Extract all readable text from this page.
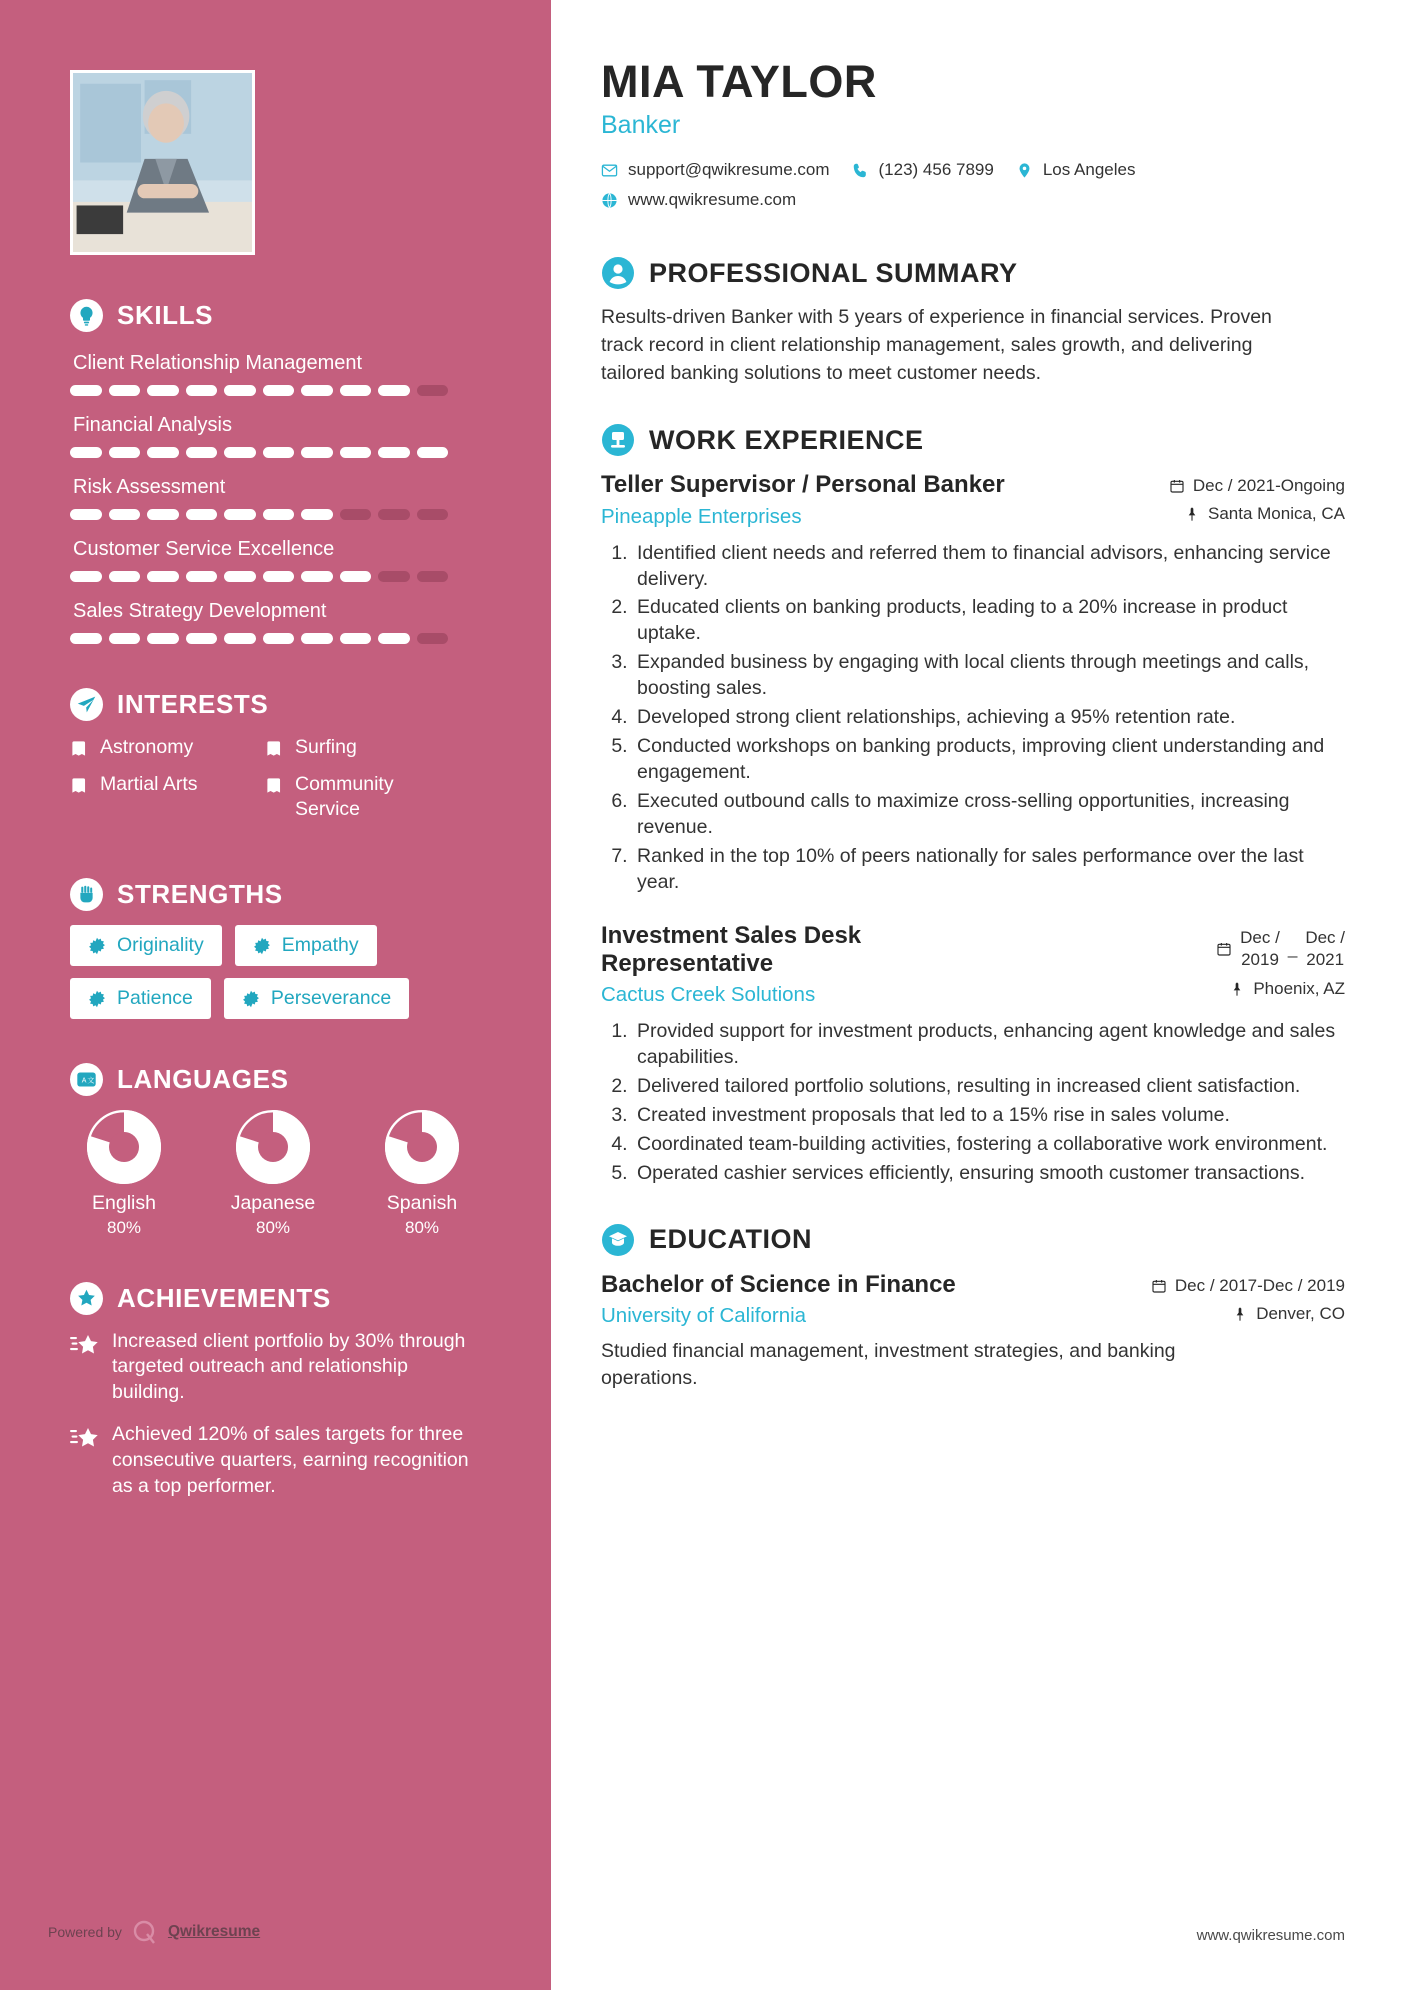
SKILLS
Client Relationship Management
Financial Analysis
Risk Assessment
Customer Service Excellence
Sales Strategy Development
INTERESTS
Astronomy	Surfing
Martial Arts	Community Service
STRENGTHS
Originality	Empathy
Patience	Perseverance
A 文 LANGUAGES
English
80%
Japanese
80%
Spanish
80%
ACHIEVEMENTS
Increased client portfolio by 30% through targeted outreach and relationship building.
Achieved 120% of sales targets for three consecutive quarters, earning recognition as a top performer.
Powered by	Qwikresume
MIA TAYLOR
Banker
support@qwikresume.com	(123) 456 7899	Los Angeles
www.qwikresume.com
PROFESSIONAL SUMMARY

Results-driven Banker with 5 years of experience in financial services. Proven track record in client relationship management, sales growth, and delivering tailored banking solutions to meet customer needs.

WORK EXPERIENCE
Teller Supervisor / Personal Banker
Pineapple Enterprises
Dec / 2021-Ongoing
Santa Monica, CA
1. Identified client needs and referred them to financial advisors, enhancing service delivery.
2. Educated clients on banking products, leading to a 20% increase in product uptake.
3. Expanded business by engaging with local clients through meetings and calls, boosting sales.
4. Developed strong client relationships, achieving a 95% retention rate.
5. Conducted workshops on banking products, improving client understanding and engagement.
6. Executed outbound calls to maximize cross-selling opportunities, increasing revenue.
7. Ranked in the top 10% of peers nationally for sales performance over the last year.
Investment Sales Desk Representative
Cactus Creek Solutions
Dec /
2019
_
Dec /
2021
Phoenix, AZ
1. Provided support for investment products, enhancing agent knowledge and sales capabilities.
2. Delivered tailored portfolio solutions, resulting in increased client satisfaction.
3. Created investment proposals that led to a 15% rise in sales volume.
4. Coordinated team-building activities, fostering a collaborative work environment.
5. Operated cashier services efficiently, ensuring smooth customer transactions.
EDUCATION
Bachelor of Science in Finance
University of California
Dec / 2017-Dec / 2019
Denver, CO

Studied financial management, investment strategies, and banking operations.

www.qwikresume.com
